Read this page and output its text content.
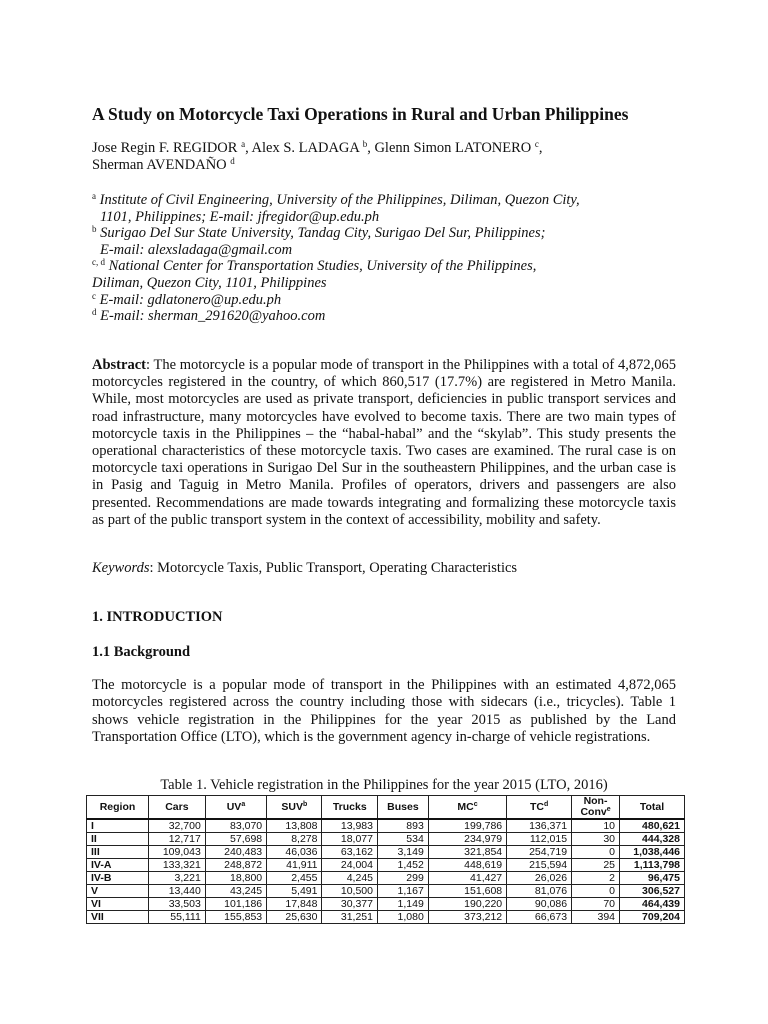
A Study on Motorcycle Taxi Operations in Rural and Urban Philippines
Jose Regin F. REGIDOR $^a$, Alex S. LADAGA $^b$, Glenn Simon LATONERO $^c$,
Sherman AVENDAÑO $^d$
$^a$ Institute of Civil Engineering, University of the Philippines, Diliman, Quezon City,
1101, Philippines; E-mail: jfregidor@up.edu.ph
$^b$ Surigao Del Sur State University, Tandag City, Surigao Del Sur, Philippines;
E-mail: alexsladaga@gmail.com
$^{c, d}$ National Center for Transportation Studies, University of the Philippines,
Diliman, Quezon City, 1101, Philippines
$^c$ E-mail: gdlatonero@up.edu.ph
$^d$ E-mail: sherman_291620@yahoo.com
Abstract: The motorcycle is a popular mode of transport in the Philippines with a total of 4,872,065 motorcycles registered in the country, of which 860,517 (17.7%) are registered in Metro Manila. While, most motorcycles are used as private transport, deficiencies in public transport services and road infrastructure, many motorcycles have evolved to become taxis. There are two main types of motorcycle taxis in the Philippines – the “habal-habal” and the “skylab”. This study presents the operational characteristics of these motorcycle taxis. Two cases are examined. The rural case is on motorcycle taxi operations in Surigao Del Sur in the southeastern Philippines, and the urban case is in Pasig and Taguig in Metro Manila. Profiles of operators, drivers and passengers are also presented. Recommendations are made towards integrating and formalizing these motorcycle taxis as part of the public transport system in the context of accessibility, mobility and safety.
Keywords: Motorcycle Taxis, Public Transport, Operating Characteristics
1. INTRODUCTION
1.1 Background
The motorcycle is a popular mode of transport in the Philippines with an estimated 4,872,065 motorcycles registered across the country including those with sidecars (i.e., tricycles). Table 1 shows vehicle registration in the Philippines for the year 2015 as published by the Land Transportation Office (LTO), which is the government agency in-charge of vehicle registrations.
Table 1. Vehicle registration in the Philippines for the year 2015 (LTO, 2016)
Region	Cars	$UV^a$	SUV$^b$	Trucks	Buses	$MC^c$	$TC^d$	Non-Conv$^e$	Total
I	32,700	83,070	13,808	13,983	893	199,786	136,371	10	480,621
II	12,717	57,698	8,278	18,077	534	234,979	112,015	30	444,328
III	109,043	240,483	46,036	63,162	3,149	321,854	254,719	0	1,038,446
IV-A	133,321	248,872	41,911	24,004	1,452	448,619	215,594	25	1,113,798
IV-B	3,221	18,800	2,455	4,245	299	41,427	26,026	2	96,475
V	13,440	43,245	5,491	10,500	1,167	151,608	81,076	0	306,527
VI	33,503	101,186	17,848	30,377	1,149	190,220	90,086	70	464,439
VII	55,111	155,853	25,630	31,251	1,080	373,212	66,673	394	709,204
